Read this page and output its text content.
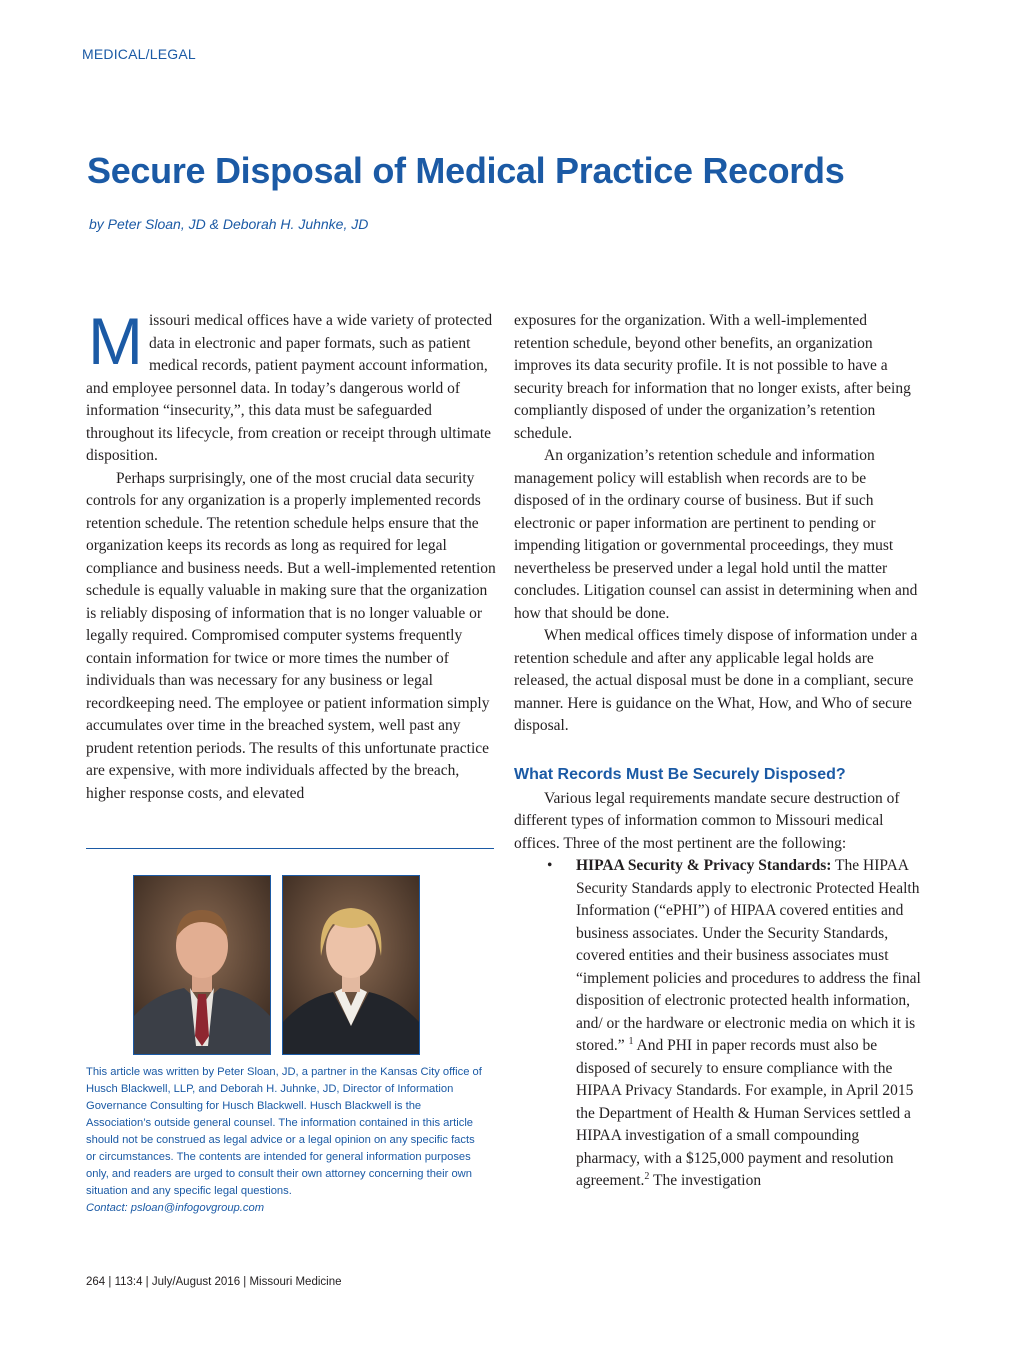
MEDICAL/LEGAL
Secure Disposal of Medical Practice Records
by Peter Sloan, JD & Deborah H. Juhnke, JD

Missouri medical offices have a wide variety of protected data in electronic and paper formats, such as patient medical records, patient payment account information, and employee personnel data. In today’s dangerous world of information “insecurity,”, this data must be safeguarded throughout its lifecycle, from creation or receipt through ultimate disposition.

Perhaps surprisingly, one of the most crucial data security controls for any organization is a properly implemented records retention schedule. The retention schedule helps ensure that the organization keeps its records as long as required for legal compliance and business needs. But a well-implemented retention schedule is equally valuable in making sure that the organization is reliably disposing of information that is no longer valuable or legally required. Compromised computer systems frequently contain information for twice or more times the number of individuals than was necessary for any business or legal recordkeeping need. The employee or patient information simply accumulates over time in the breached system, well past any prudent retention periods. The results of this unfortunate practice are expensive, with more individuals affected by the breach, higher response costs, and elevated

This article was written by Peter Sloan, JD, a partner in the Kansas City office of Husch Blackwell, LLP, and Deborah H. Juhnke, JD, Director of Information Governance Consulting for Husch Blackwell. Husch Blackwell is the Association’s outside general counsel. The information contained in this article should not be construed as legal advice or a legal opinion on any specific facts or circumstances. The contents are intended for general information purposes only, and readers are urged to consult their own attorney concerning their own situation and any specific legal questions.
Contact: psloan@infogovgroup.com

exposures for the organization. With a well-implemented retention schedule, beyond other benefits, an organization improves its data security profile. It is not possible to have a security breach for information that no longer exists, after being compliantly disposed of under the organization’s retention schedule.

An organization’s retention schedule and information management policy will establish when records are to be disposed of in the ordinary course of business. But if such electronic or paper information are pertinent to pending or impending litigation or governmental proceedings, they must nevertheless be preserved under a legal hold until the matter concludes. Litigation counsel can assist in determining when and how that should be done.

When medical offices timely dispose of information under a retention schedule and after any applicable legal holds are released, the actual disposal must be done in a compliant, secure manner. Here is guidance on the What, How, and Who of secure disposal.

What Records Must Be Securely Disposed?

Various legal requirements mandate secure destruction of different types of information common to Missouri medical offices. Three of the most pertinent are the following:

• HIPAA Security & Privacy Standards: The HIPAA Security Standards apply to electronic Protected Health Information (“ePHI”) of HIPAA covered entities and business associates. Under the Security Standards, covered entities and their business associates must “implement policies and procedures to address the final disposition of electronic protected health information, and/ or the hardware or electronic media on which it is stored.” $^1$ And PHI in paper records must also be disposed of securely to ensure compliance with the HIPAA Privacy Standards. For example, in April 2015 the Department of Health & Human Services settled a HIPAA investigation of a small compounding pharmacy, with a $125,000 payment and resolution agreement.$^2$ The investigation
264 | 113:4 | July/August 2016 | Missouri Medicine
